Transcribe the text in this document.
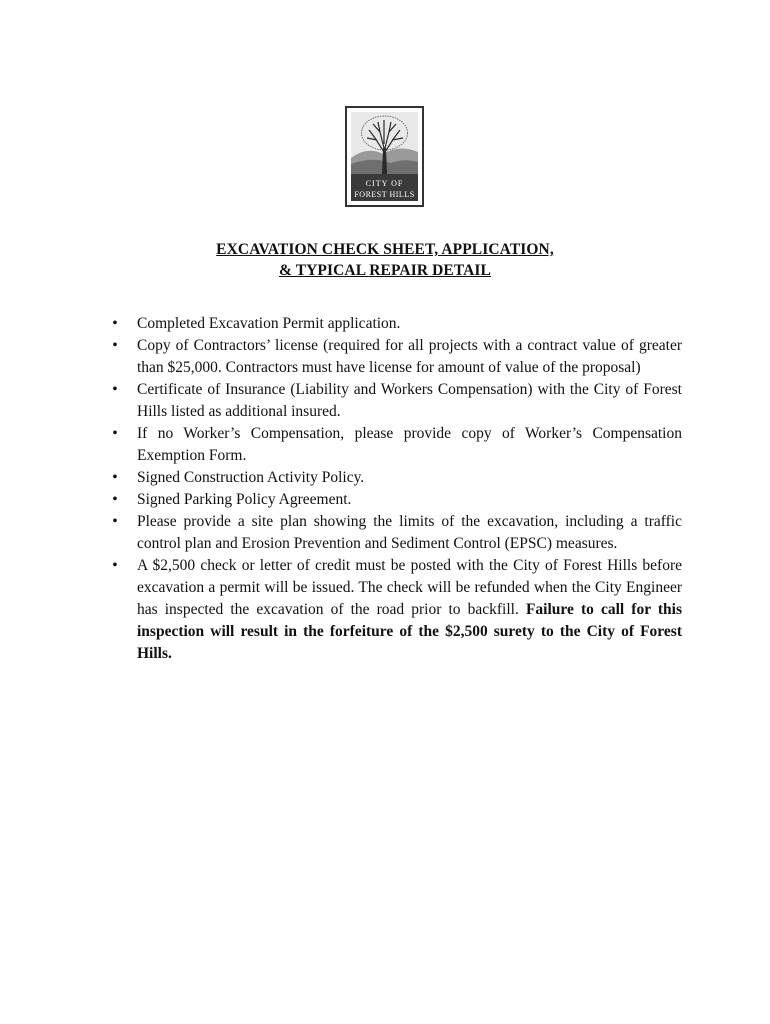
CITY OF
FOREST HILLS
EXCAVATION CHECK SHEET, APPLICATION,
& TYPICAL REPAIR DETAIL
• Completed Excavation Permit application.
• Copy of Contractors’ license (required for all projects with a contract value of greater than $25,000. Contractors must have license for amount of value of the proposal)
• Certificate of Insurance (Liability and Workers Compensation) with the City of Forest Hills listed as additional insured.
• If no Worker’s Compensation, please provide copy of Worker’s Compensation Exemption Form.
• Signed Construction Activity Policy.
• Signed Parking Policy Agreement.
• Please provide a site plan showing the limits of the excavation, including a traffic control plan and Erosion Prevention and Sediment Control (EPSC) measures.
• A $2,500 check or letter of credit must be posted with the City of Forest Hills before excavation a permit will be issued. The check will be refunded when the City Engineer has inspected the excavation of the road prior to backfill. Failure to call for this inspection will result in the forfeiture of the $2,500 surety to the City of Forest Hills.
